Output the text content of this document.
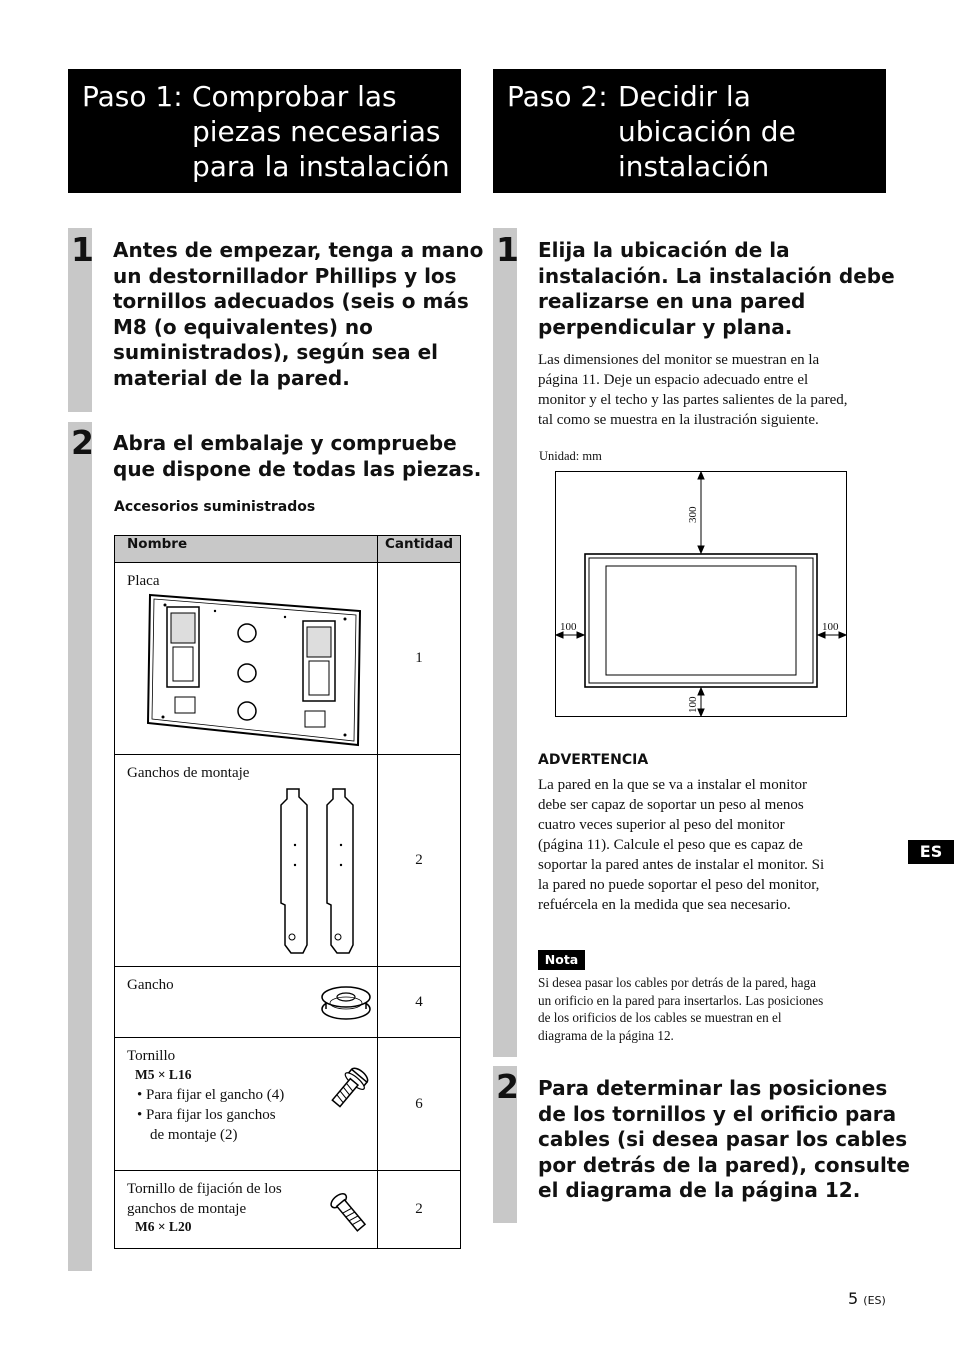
Paso 1: Comprobar las
piezas necesarias
para la instalación
Paso 2: Decidir la
ubicación de
instalación
1
2
Antes de empezar, tenga a mano
un destornillador Phillips y los
tornillos adecuados (seis o más
M8 (o equivalentes) no
suministrados), según sea el
material de la pared.
Abra el embalaje y compruebe
que dispone de todas las piezas.
Accesorios suministrados
Nombre	Cantidad

Placa	1

Ganchos de montaje	2

Gancho	4

Tornillo
M5 × L16
• Para fijar el gancho (4)
• Para fijar los ganchos
de montaje (2)	6

Tornillo de fijación de los
ganchos de montaje
M6 × L20	2
1
2
Elija la ubicación de la
instalación. La instalación debe
realizarse en una pared
perpendicular y plana.
Las dimensiones del monitor se muestran en la
página 11. Deje un espacio adecuado entre el
monitor y el techo y las partes salientes de la pared,
tal como se muestra en la ilustración siguiente.
Unidad: mm
300
100	100
100
ADVERTENCIA
La pared en la que se va a instalar el monitor
debe ser capaz de soportar un peso al menos
cuatro veces superior al peso del monitor
(página 11). Calcule el peso que es capaz de
soportar la pared antes de instalar el monitor. Si
la pared no puede soportar el peso del monitor,
refuércela en la medida que sea necesario.
Nota
Si desea pasar los cables por detrás de la pared, haga
un orificio en la pared para insertarlos. Las posiciones
de los orificios de los cables se muestran en el
diagrama de la página 12.
Para determinar las posiciones
de los tornillos y el orificio para
cables (si desea pasar los cables
por detrás de la pared), consulte
el diagrama de la página 12.
ES
5 (ES)
